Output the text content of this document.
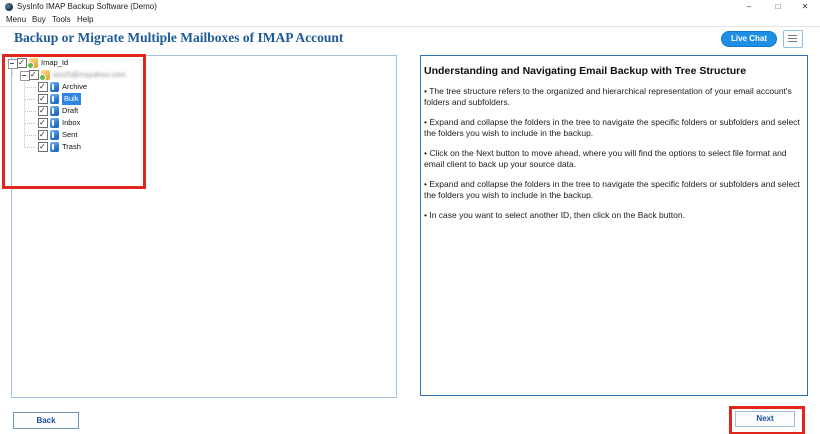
SysInfo IMAP Backup Software (Demo)	–	□	✕
Menu Buy Tools Help
Backup or Migrate Multiple Mailboxes of IMAP Account	Live Chat
✓
Imap_Id
✓
sm25@myyahoo.com
✓
Archive
✓
Bulk
✓
Draft
✓
Inbox
✓
Sent
✓
Trash
Understanding and Navigating Email Backup with Tree Structure
• The tree structure refers to the organized and hierarchical representation of your email account's folders and subfolders.
• Expand and collapse the folders in the tree to navigate the specific folders or subfolders and select the folders you wish to include in the backup.
• Click on the Next button to move ahead, where you will find the options to select file format and email client to back up your source data.
• Expand and collapse the folders in the tree to navigate the specific folders or subfolders and select the folders you wish to include in the backup.
• In case you want to select another ID, then click on the Back button.
Back	Next
